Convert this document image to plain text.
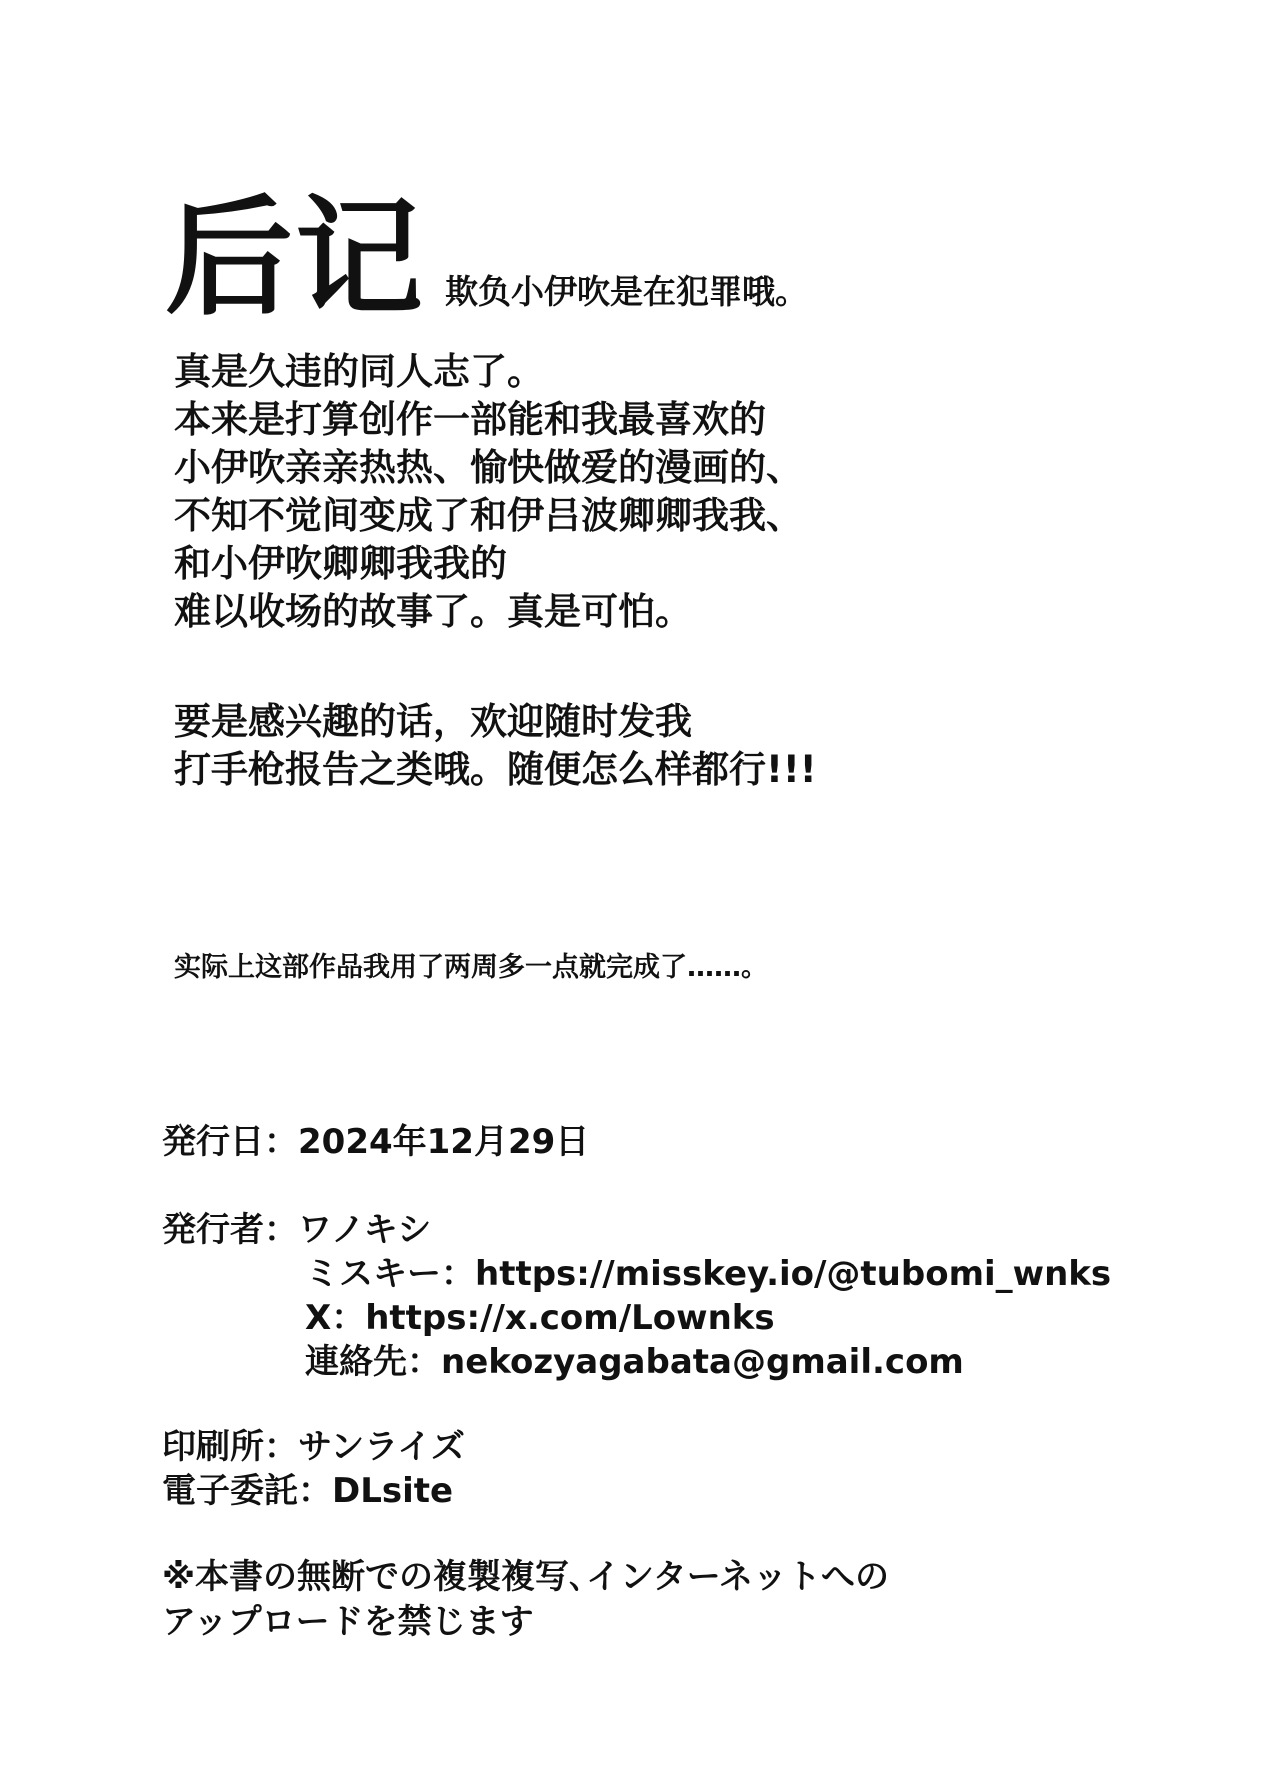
后记 欺负小伊吹是在犯罪哦。
真是久违的同人志了。
本来是打算创作一部能和我最喜欢的
小伊吹亲亲热热、愉快做爱的漫画的、
不知不觉间变成了和伊吕波卿卿我我、
和小伊吹卿卿我我的
难以收场的故事了。真是可怕。
要是感兴趣的话，欢迎随时发我
打手枪报告之类哦。随便怎么样都行!!!
实际上这部作品我用了两周多一点就完成了……。
発行日：2024年12月29日
発行者：ワノキシ
ミスキー：https://misskey.io/@tubomi_wnks
X：https://x.com/Lownks
連絡先：nekozyagabata@gmail.com
印刷所：サンライズ
電子委託：DLsite
※本書の無断での複製複写､インターネットへの
アップロードを禁じます
